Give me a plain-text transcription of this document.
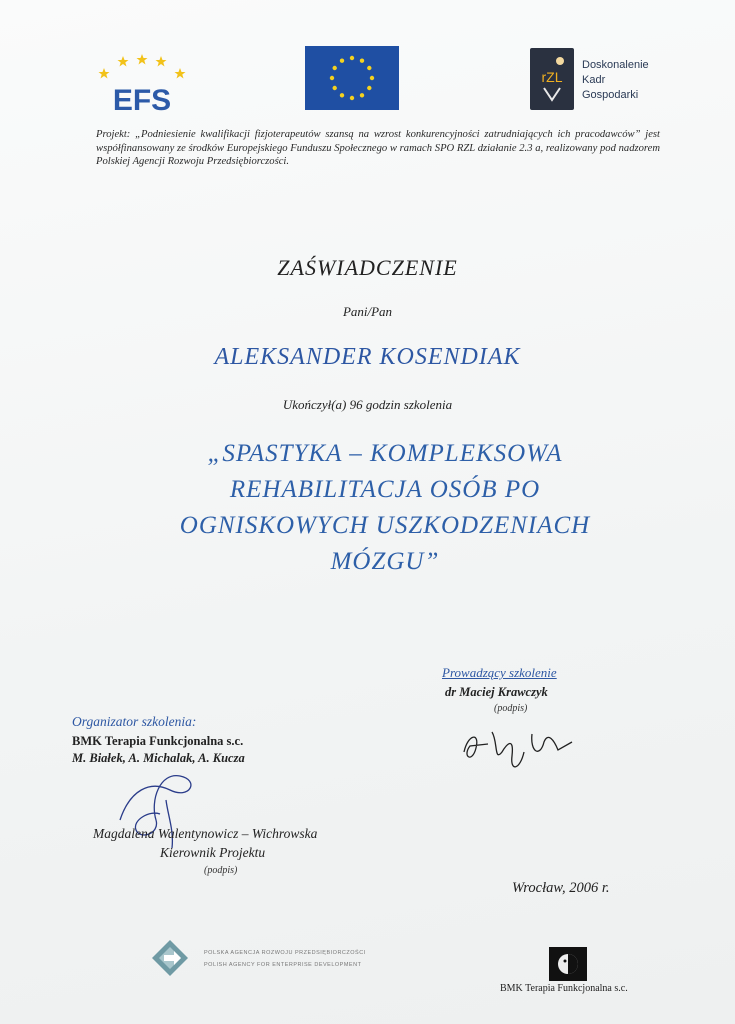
EFS
rZL
Doskonalenie
Kadr
Gospodarki
Projekt: „Podniesienie kwalifikacji fizjoterapeutów szansą na wzrost konkurencyjności zatrudniających ich pracodawców” jest współfinansowany ze środków Europejskiego Funduszu Społecznego w ramach SPO RZL działanie 2.3 a, realizowany pod nadzorem Polskiej Agencji Rozwoju Przedsiębiorczości.
ZAŚWIADCZENIE
Pani/Pan
ALEKSANDER KOSENDIAK
Ukończył(a) 96 godzin szkolenia
„SPASTYKA – KOMPLEKSOWA
REHABILITACJA OSÓB PO
OGNISKOWYCH USZKODZENIACH
MÓZGU”
Prowadzący szkolenie
dr Maciej Krawczyk
(podpis)
Organizator szkolenia:
BMK Terapia Funkcjonalna s.c.
M. Białek, A. Michalak, A. Kucza
Magdalena Walentynowicz – Wichrowska
Kierownik Projektu
(podpis)
Wrocław, 2006 r.
POLSKA AGENCJA ROZWOJU PRZEDSIĘBIORCZOŚCI
POLISH AGENCY FOR ENTERPRISE DEVELOPMENT
BMK Terapia Funkcjonalna s.c.
